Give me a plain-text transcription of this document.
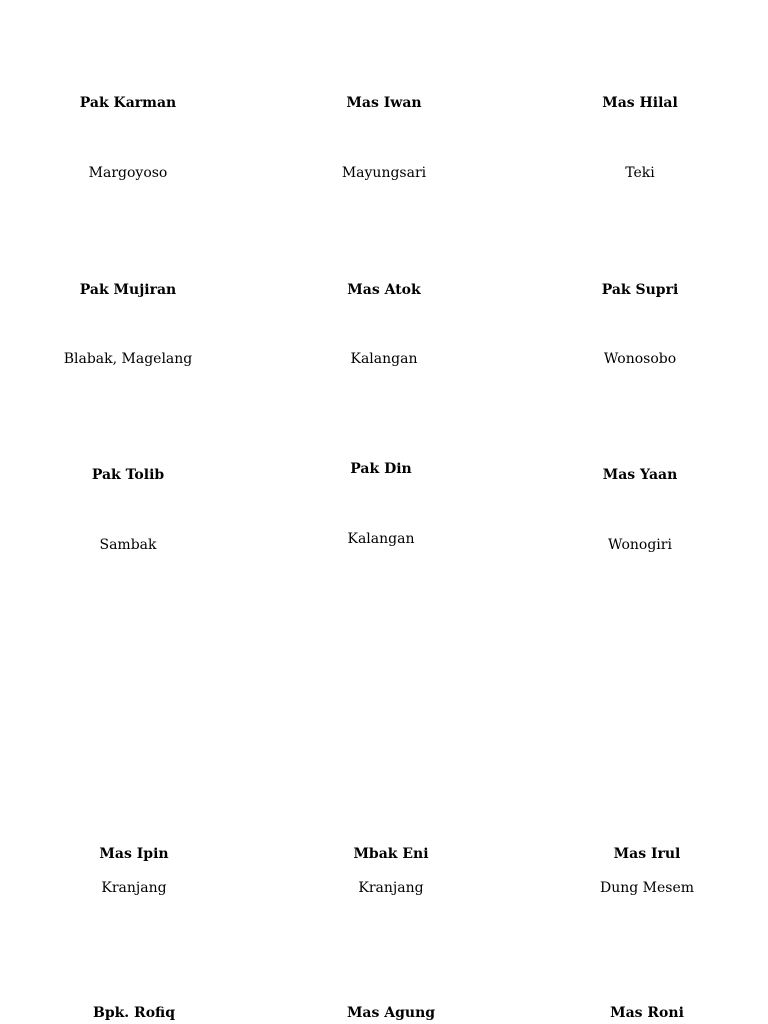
Pak Karman
Margoyoso
Mas Iwan
Mayungsari
Mas Hilal
Teki
Pak Mujiran
Blabak, Magelang
Mas Atok
Kalangan
Pak Supri
Wonosobo
Pak Tolib
Sambak
Pak Din
Kalangan
Mas Yaan
Wonogiri
Mas Ipin
Kranjang
Mbak Eni
Kranjang
Mas Irul
Dung Mesem
Bpk. Rofiq	Mas Agung	Mas Roni
